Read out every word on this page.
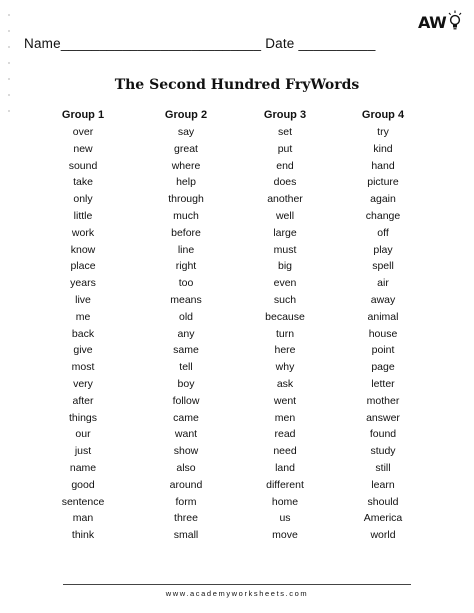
AW
Name__________________________ Date __________
The Second Hundred FryWords
Group 1
over
new
sound
take
only
little
work
know
place
years
live
me
back
give
most
very
after
things
our
just
name
good
sentence
man
think
Group 2
say
great
where
help
through
much
before
line
right
too
means
old
any
same
tell
boy
follow
came
want
show
also
around
form
three
small
Group 3
set
put
end
does
another
well
large
must
big
even
such
because
turn
here
why
ask
went
men
read
need
land
different
home
us
move
Group 4
try
kind
hand
picture
again
change
off
play
spell
air
away
animal
house
point
page
letter
mother
answer
found
study
still
learn
should
America
world
www.academyworksheets.com
